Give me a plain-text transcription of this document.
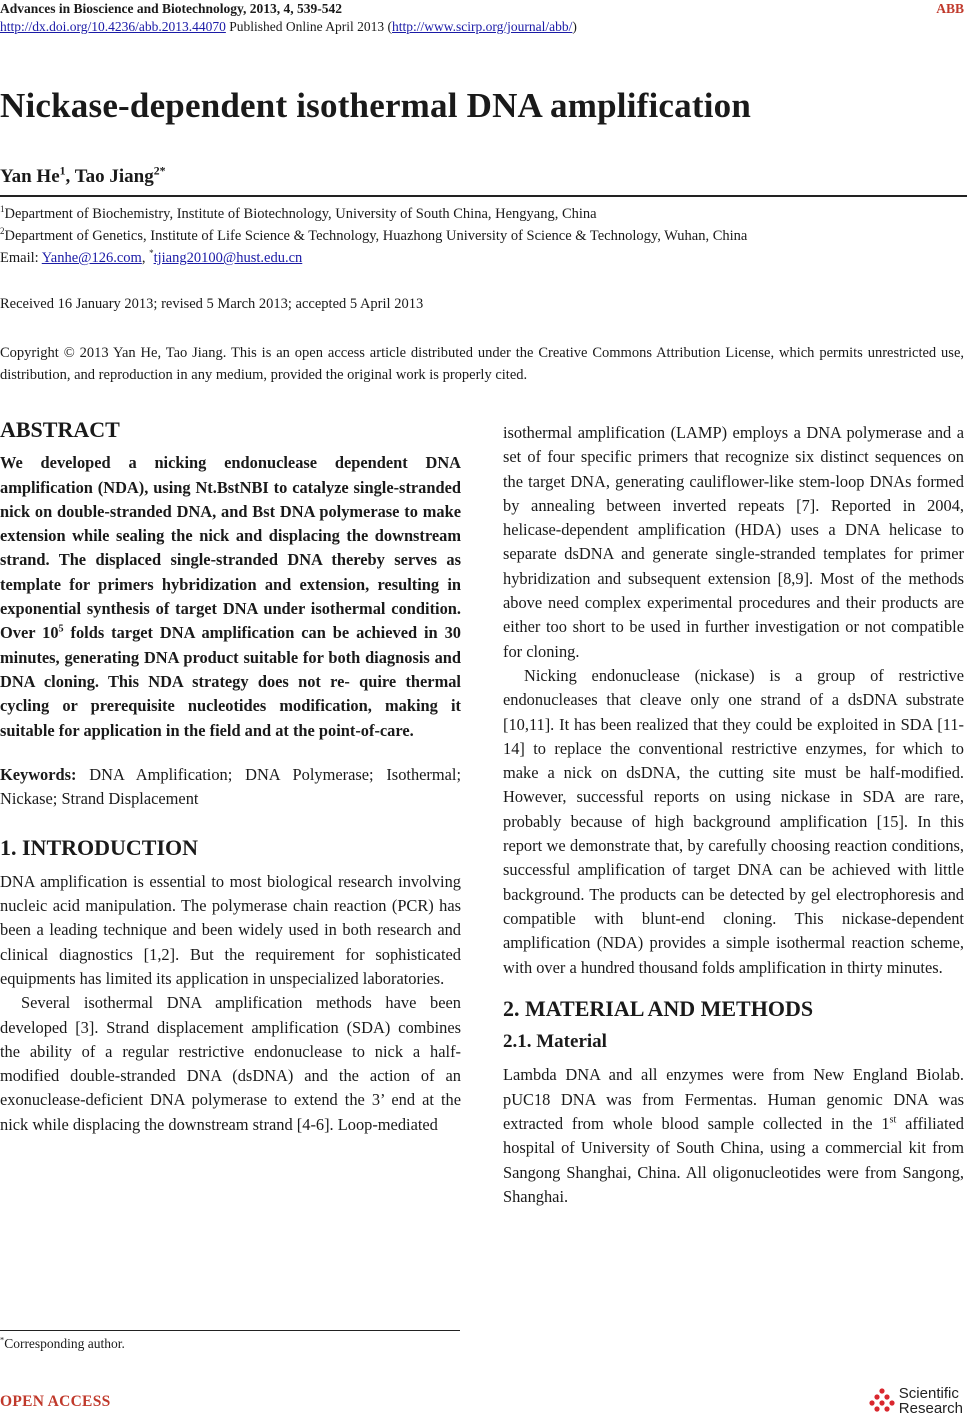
Advances in Bioscience and Biotechnology, 2013, 4, 539-542	ABB
http://dx.doi.org/10.4236/abb.2013.44070 Published Online April 2013 (http://www.scirp.org/journal/abb/)
Nickase-dependent isothermal DNA amplification
Yan He$^1$, Tao Jiang$^{2*}$
$^1$Department of Biochemistry, Institute of Biotechnology, University of South China, Hengyang, China
$^2$Department of Genetics, Institute of Life Science & Technology, Huazhong University of Science & Technology, Wuhan, China
Email: Yanhe@126.com, *tjiang20100@hust.edu.cn
Received 16 January 2013; revised 5 March 2013; accepted 5 April 2013
Copyright © 2013 Yan He, Tao Jiang. This is an open access article distributed under the Creative Commons Attribution License, which permits unrestricted use, distribution, and reproduction in any medium, provided the original work is properly cited.
ABSTRACT

We developed a nicking endonuclease dependent DNA amplification (NDA), using Nt.BstNBI to catalyze single-stranded nick on double-stranded DNA, and Bst DNA polymerase to make extension while sealing the nick and displacing the downstream strand. The displaced single-stranded DNA thereby serves as template for primers hybridization and extension, resulting in exponential synthesis of target DNA under isothermal condition. Over $10^5$ folds target DNA amplification can be achieved in 30 minutes, generating DNA product suitable for both diagnosis and DNA cloning. This NDA strategy does not re- quire thermal cycling or prerequisite nucleotides modification, making it suitable for application in the field and at the point-of-care.

Keywords: DNA Amplification; DNA Polymerase; Isothermal; Nickase; Strand Displacement

1. INTRODUCTION

DNA amplification is essential to most biological research involving nucleic acid manipulation. The polymerase chain reaction (PCR) has been a leading technique and been widely used in both research and clinical diagnostics [1,2]. But the requirement for sophisticated equipments has limited its application in unspecialized laboratories.

Several isothermal DNA amplification methods have been developed [3]. Strand displacement amplification (SDA) combines the ability of a regular restrictive endonuclease to nick a half-modified double-stranded DNA (dsDNA) and the action of an exonuclease-deficient DNA polymerase to extend the 3’ end at the nick while displacing the downstream strand [4-6]. Loop-mediated

isothermal amplification (LAMP) employs a DNA polymerase and a set of four specific primers that recognize six distinct sequences on the target DNA, generating cauliflower-like stem-loop DNAs formed by annealing between inverted repeats [7]. Reported in 2004, helicase-dependent amplification (HDA) uses a DNA helicase to separate dsDNA and generate single-stranded templates for primer hybridization and subsequent extension [8,9]. Most of the methods above need complex experimental procedures and their products are either too short to be used in further investigation or not compatible for cloning.

Nicking endonuclease (nickase) is a group of restrictive endonucleases that cleave only one strand of a dsDNA substrate [10,11]. It has been realized that they could be exploited in SDA [11-14] to replace the conventional restrictive enzymes, for which to make a nick on dsDNA, the cutting site must be half-modified. However, successful reports on using nickase in SDA are rare, probably because of high background amplification [15]. In this report we demonstrate that, by carefully choosing reaction conditions, successful amplification of target DNA can be achieved with little background. The products can be detected by gel electrophoresis and compatible with blunt-end cloning. This nickase-dependent amplification (NDA) provides a simple isothermal reaction scheme, with over a hundred thousand folds amplification in thirty minutes.

2. MATERIAL AND METHODS
2.1. Material

Lambda DNA and all enzymes were from New England Biolab. pUC18 DNA was from Fermentas. Human genomic DNA was extracted from whole blood sample collected in the 1st affiliated hospital of University of South China, using a commercial kit from Sangong Shanghai, China. All oligonucleotides were from Sangong, Shanghai.

*Corresponding author.
OPEN ACCESS	Scientific
Research
